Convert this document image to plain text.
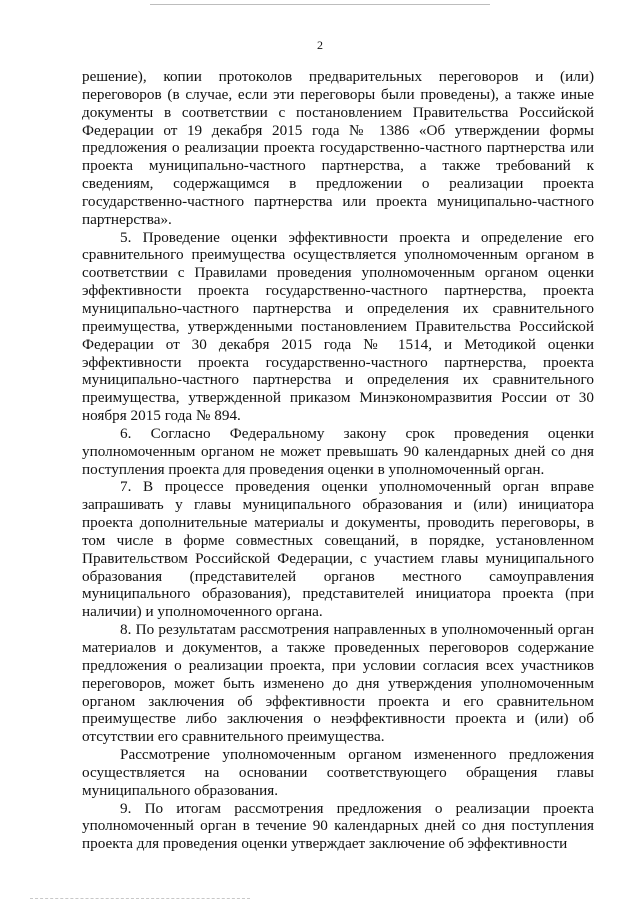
2

решение), копии протоколов предварительных переговоров и (или) переговоров (в случае, если эти переговоры были проведены), а также иные документы в соответствии с постановлением Правительства Российской Федерации от 19 декабря 2015 года № 1386 «Об утверждении формы предложения о реализации проекта государственно-частного партнерства или проекта муниципально-частного партнерства, а также требований к сведениям, содержащимся в предложении о реализации проекта государственно-частного партнерства или проекта муниципально-частного партнерства».

5. Проведение оценки эффективности проекта и определение его сравнительного преимущества осуществляется уполномоченным органом в соответствии с Правилами проведения уполномоченным органом оценки эффективности проекта государственно-частного партнерства, проекта муниципально-частного партнерства и определения их сравнительного преимущества, утвержденными постановлением Правительства Российской Федерации от 30 декабря 2015 года № 1514, и Методикой оценки эффективности проекта государственно-частного партнерства, проекта муниципально-частного партнерства и определения их сравнительного преимущества, утвержденной приказом Минэкономразвития России от 30 ноября 2015 года № 894.

6. Согласно Федеральному закону срок проведения оценки уполномоченным органом не может превышать 90 календарных дней со дня поступления проекта для проведения оценки в уполномоченный орган.

7. В процессе проведения оценки уполномоченный орган вправе запрашивать у главы муниципального образования и (или) инициатора проекта дополнительные материалы и документы, проводить переговоры, в том числе в форме совместных совещаний, в порядке, установленном Правительством Российской Федерации, с участием главы муниципального образования (представителей органов местного самоуправления муниципального образования), представителей инициатора проекта (при наличии) и уполномоченного органа.

8. По результатам рассмотрения направленных в уполномоченный орган материалов и документов, а также проведенных переговоров содержание предложения о реализации проекта, при условии согласия всех участников переговоров, может быть изменено до дня утверждения уполномоченным органом заключения об эффективности проекта и его сравнительном преимуществе либо заключения о неэффективности проекта и (или) об отсутствии его сравнительного преимущества.

Рассмотрение уполномоченным органом измененного предложения осуществляется на основании соответствующего обращения главы муниципального образования.

9. По итогам рассмотрения предложения о реализации проекта уполномоченный орган в течение 90 календарных дней со дня поступления проекта для проведения оценки утверждает заключение об эффективности
